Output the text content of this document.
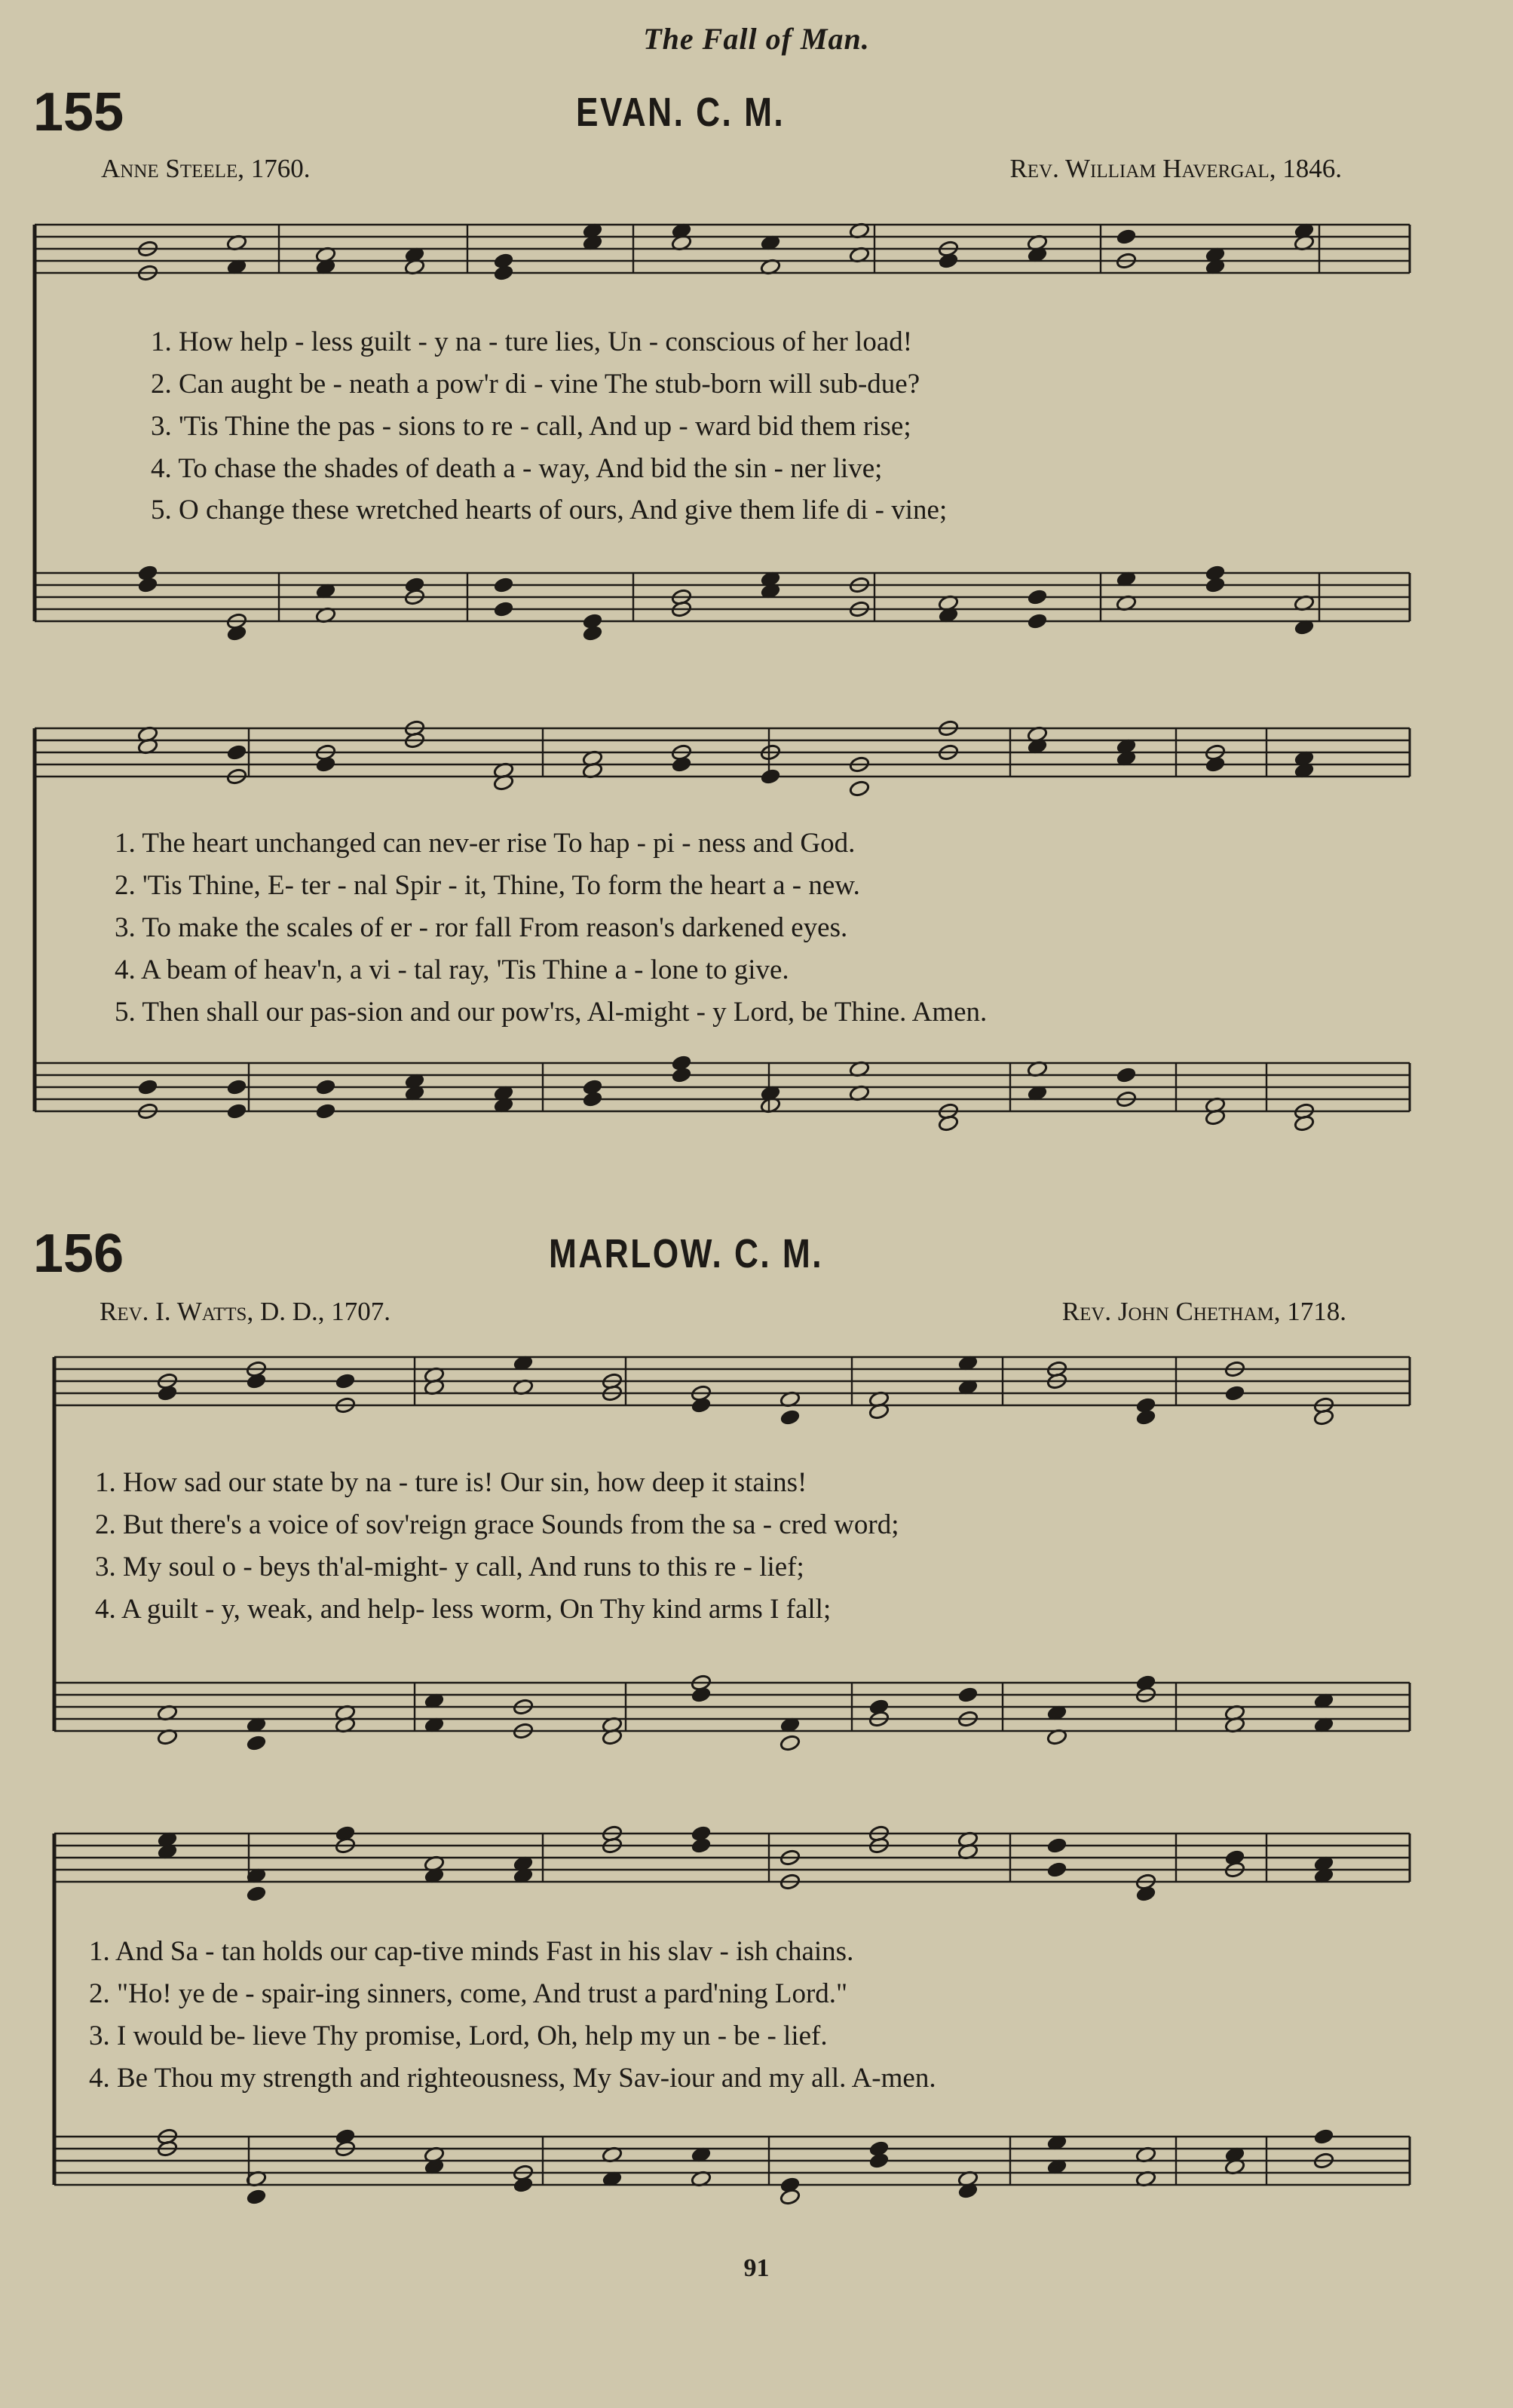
The Fall of Man.
155	EVAN. C. M.
Anne Steele, 1760.	Rev. William Havergal, 1846.
1. How help - less guilt - y na - ture lies, Un - conscious of her load!
2. Can aught be - neath a pow'r di - vine The stub-born will sub-due?
3. 'Tis Thine the pas - sions to re - call, And up - ward bid them rise;
4. To chase the shades of death a - way, And bid the sin - ner live;
5. O change these wretched hearts of ours, And give them life di - vine;
1. The heart unchanged can nev-er rise To hap - pi - ness and God.
2. 'Tis Thine, E- ter - nal Spir - it, Thine, To form the heart a - new.
3. To make the scales of er - ror fall From reason's darkened eyes.
4. A beam of heav'n, a vi - tal ray, 'Tis Thine a - lone to give.
5. Then shall our pas-sion and our pow'rs, Al-might - y Lord, be Thine. Amen.
156	MARLOW. C. M.
Rev. I. Watts, D. D., 1707.	Rev. John Chetham, 1718.
1. How sad our state by na - ture is! Our sin, how deep it stains!
2. But there's a voice of sov'reign grace Sounds from the sa - cred word;
3. My soul o - beys th'al-might- y call, And runs to this re - lief;
4. A guilt - y, weak, and help- less worm, On Thy kind arms I fall;
1. And Sa - tan holds our cap-tive minds Fast in his slav - ish chains.
2. "Ho! ye de - spair-ing sinners, come, And trust a pard'ning Lord."
3. I would be- lieve Thy promise, Lord, Oh, help my un - be - lief.
4. Be Thou my strength and righteousness, My Sav-iour and my all. A-men.
91
